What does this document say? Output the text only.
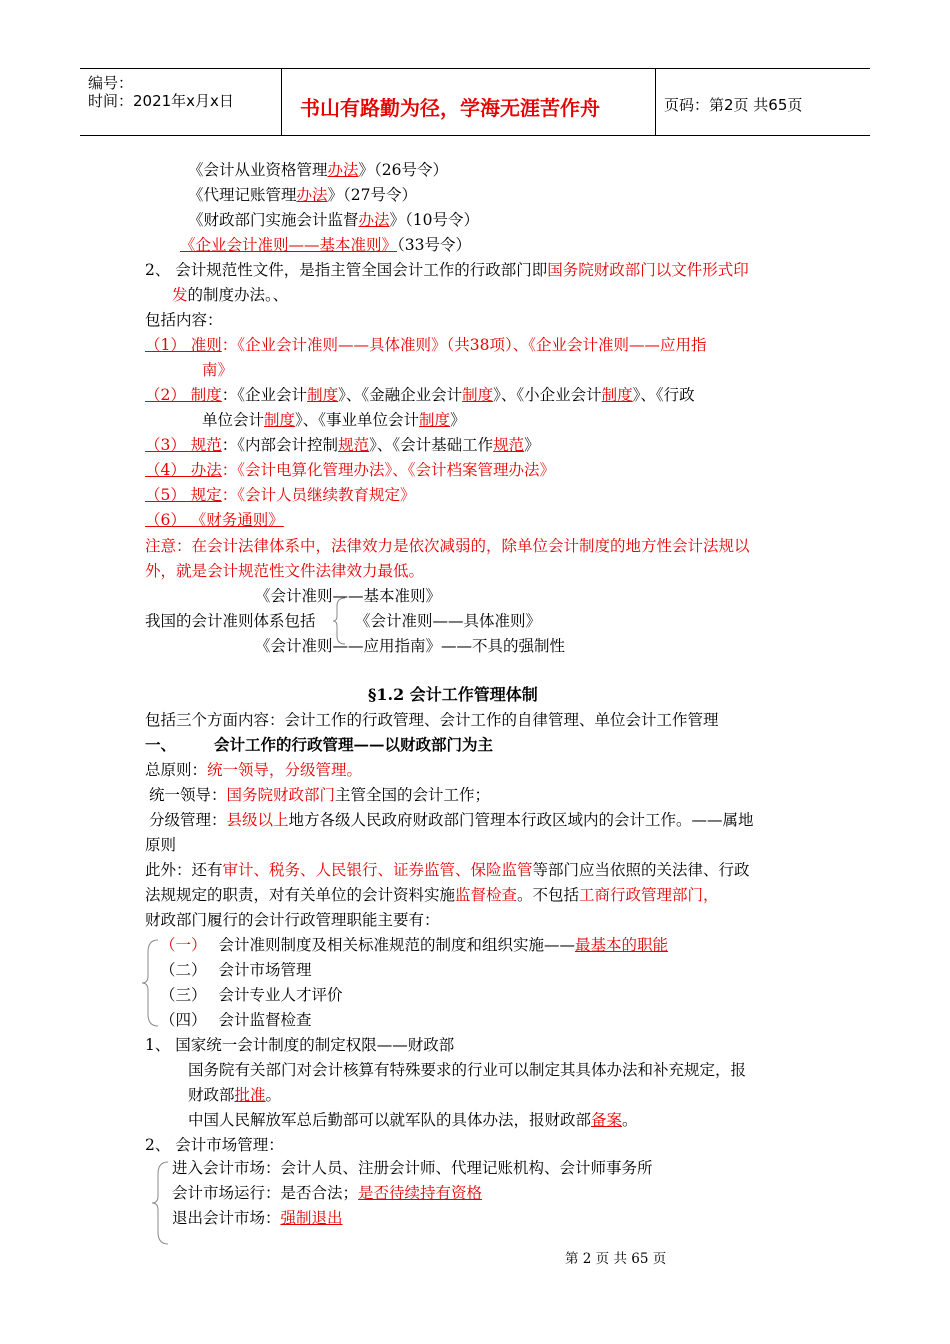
编号：
时间：2021年x月x日	书山有路勤为径，学海无涯苦作舟	页码：第2页 共65页
《会计从业资格管理办法》（26号令）
《代理记账管理办法》（27号令）
《财政部门实施会计监督办法》（10号令）
《企业会计准则——基本准则》（33号令）
2、 会计规范性文件，是指主管全国会计工作的行政部门即国务院财政部门以文件形式印
发的制度办法。、
包括内容：
（1） 准则：《企业会计准则——具体准则》（共38项）、《企业会计准则——应用指
南》
（2） 制度：《企业会计制度》、《金融企业会计制度》、《小企业会计制度》、《行政
单位会计制度》、《事业单位会计制度》
（3） 规范：《内部会计控制规范》、《会计基础工作规范》
（4） 办法：《会计电算化管理办法》、《会计档案管理办法》
（5） 规定：《会计人员继续教育规定》
（6） 《财务通则》
注意：在会计法律体系中，法律效力是依次减弱的，除单位会计制度的地方性会计法规以
外，就是会计规范性文件法律效力最低。
《会计准则——基本准则》
我国的会计准则体系包括	《会计准则——具体准则》
《会计准则——应用指南》——不具的强制性
§1.2 会计工作管理体制
包括三个方面内容：会计工作的行政管理、会计工作的自律管理、单位会计工作管理
一、 会计工作的行政管理——以财政部门为主
总原则：统一领导，分级管理。
统一领导：国务院财政部门主管全国的会计工作；
分级管理：县级以上地方各级人民政府财政部门管理本行政区域内的会计工作。——属地
原则
此外：还有审计、税务、人民银行、证券监管、保险监管等部门应当依照的关法律、行政
法规规定的职责，对有关单位的会计资料实施监督检查。不包括工商行政管理部门，
财政部门履行的会计行政管理职能主要有：
（一） 会计准则制度及相关标准规范的制度和组织实施——最基本的职能
（二） 会计市场管理
（三） 会计专业人才评价
（四） 会计监督检查
1、 国家统一会计制度的制定权限——财政部
国务院有关部门对会计核算有特殊要求的行业可以制定其具体办法和补充规定，报
财政部批准。
中国人民解放军总后勤部可以就军队的具体办法，报财政部备案。
2、 会计市场管理：
进入会计市场：会计人员、注册会计师、代理记账机构、会计师事务所
会计市场运行：是否合法；是否待续持有资格
退出会计市场：强制退出
第 2 页 共 65 页
